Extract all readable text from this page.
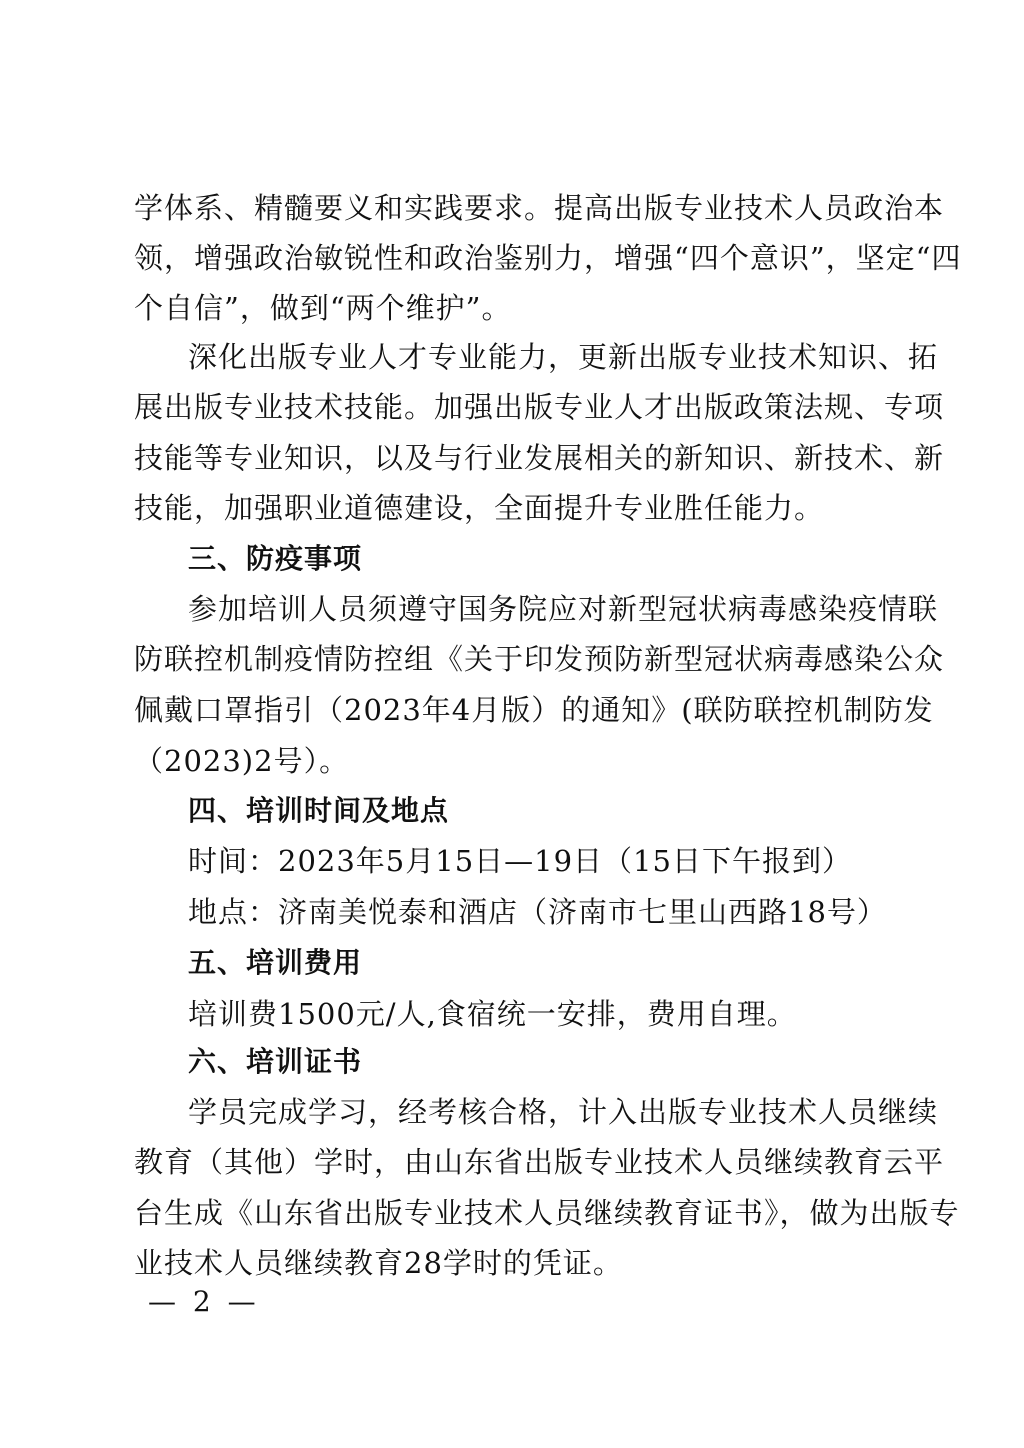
学体系、精髓要义和实践要求。提高出版专业技术人员政治本
领，增强政治敏锐性和政治鉴别力，增强“四个意识”，坚定“四
个自信”，做到“两个维护”。
深化出版专业人才专业能力，更新出版专业技术知识、拓
展出版专业技术技能。加强出版专业人才出版政策法规、专项
技能等专业知识，以及与行业发展相关的新知识、新技术、新
技能，加强职业道德建设，全面提升专业胜任能力。
三、防疫事项
参加培训人员须遵守国务院应对新型冠状病毒感染疫情联
防联控机制疫情防控组《关于印发预防新型冠状病毒感染公众
佩戴口罩指引（2023年4月版）的通知》(联防联控机制防发
（2023)2号）。
四、培训时间及地点
时间：2023年5月15日—19日（15日下午报到）
地点：济南美悦泰和酒店（济南市七里山西路18号）
五、培训费用
培训费1500元/人,食宿统一安排，费用自理。
六、培训证书
学员完成学习，经考核合格，计入出版专业技术人员继续
教育（其他）学时，由山东省出版专业技术人员继续教育云平
台生成《山东省出版专业技术人员继续教育证书》，做为出版专
业技术人员继续教育28学时的凭证。
— 2 —
